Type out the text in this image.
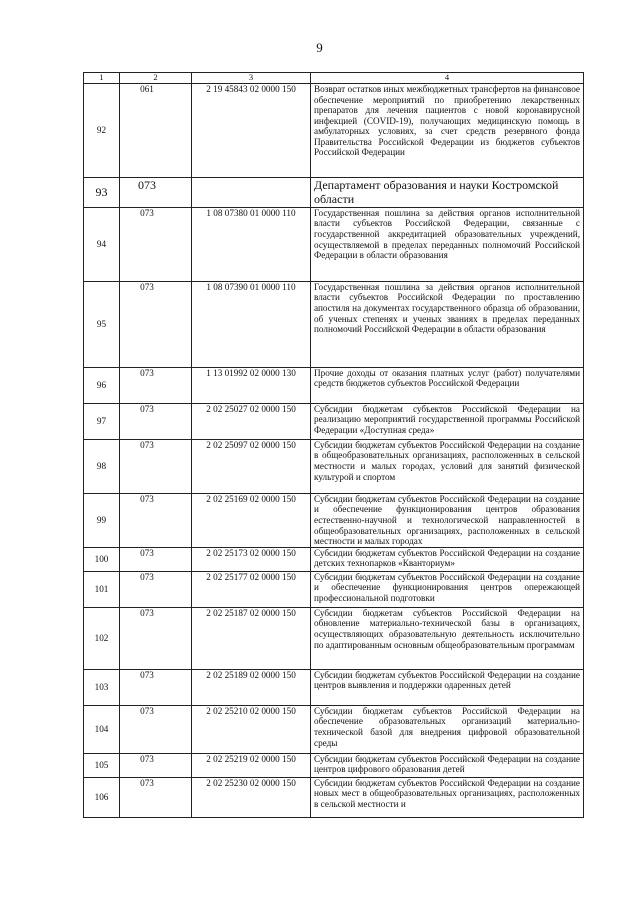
9
1	2	3	4
92	061	2 19 45843 02 0000 150	Возврат остатков иных межбюджетных трансфертов на финансовое обеспечение мероприятий по приобретению лекарственных препаратов для лечения пациентов с новой коронавирусной инфекцией (COVID-19), получающих медицинскую помощь в амбулаторных условиях, за счет средств резервного фонда Правительства Российской Федерации из бюджетов субъектов Российской Федерации
93	073		Департамент образования и науки Костромской области
94	073	1 08 07380 01 0000 110	Государственная пошлина за действия органов исполнительной власти субъектов Российской Федерации, связанные с государственной аккредитацией образовательных учреждений, осуществляемой в пределах переданных полномочий Российской Федерации в области образования
95	073	1 08 07390 01 0000 110	Государственная пошлина за действия органов исполнительной власти субъектов Российской Федерации по проставлению апостиля на документах государственного образца об образовании, об ученых степенях и ученых званиях в пределах переданных полномочий Российской Федерации в области образования
96	073	1 13 01992 02 0000 130	Прочие доходы от оказания платных услуг (работ) получателями средств бюджетов субъектов Российской Федерации
97	073	2 02 25027 02 0000 150	Субсидии бюджетам субъектов Российской Федерации на реализацию мероприятий государственной программы Российской Федерации «Доступная среда»
98	073	2 02 25097 02 0000 150	Субсидии бюджетам субъектов Российской Федерации на создание в общеобразовательных организациях, расположенных в сельской местности и малых городах, условий для занятий физической культурой и спортом
99	073	2 02 25169 02 0000 150	Субсидии бюджетам субъектов Российской Федерации на создание и обеспечение функционирования центров образования естественно-научной и технологической направленностей в общеобразовательных организациях, расположенных в сельской местности и малых городах
100	073	2 02 25173 02 0000 150	Субсидии бюджетам субъектов Российской Федерации на создание детских технопарков «Кванториум»
101	073	2 02 25177 02 0000 150	Субсидии бюджетам субъектов Российской Федерации на создание и обеспечение функционирования центров опережающей профессиональной подготовки
102	073	2 02 25187 02 0000 150	Субсидии бюджетам субъектов Российской Федерации на обновление материально-технической базы в организациях, осуществляющих образовательную деятельность исключительно по адаптированным основным общеобразовательным программам
103	073	2 02 25189 02 0000 150	Субсидии бюджетам субъектов Российской Федерации на создание центров выявления и поддержки одаренных детей
104	073	2 02 25210 02 0000 150	Субсидии бюджетам субъектов Российской Федерации на обеспечение образовательных организаций материально-технической базой для внедрения цифровой образовательной среды
105	073	2 02 25219 02 0000 150	Субсидии бюджетам субъектов Российской Федерации на создание центров цифрового образования детей
106	073	2 02 25230 02 0000 150	Субсидии бюджетам субъектов Российской Федерации на создание новых мест в общеобразовательных организациях, расположенных в сельской местности и
